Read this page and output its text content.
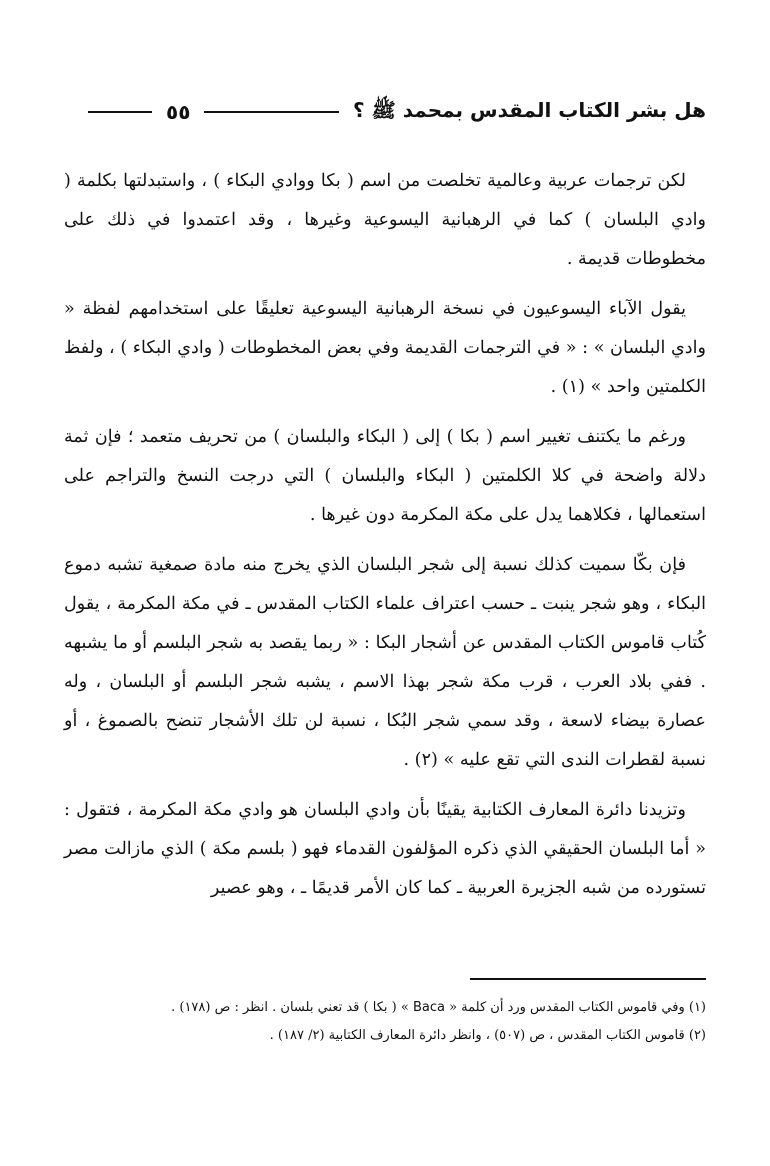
هل بشر الكتاب المقدس بمحمد ﷺ ؟
٥٥

لكن ترجمات عربية وعالمية تخلصت من اسم ( بكا ووادي البكاء ) ، واستبدلتها بكلمة ( وادي البلسان ) كما في الرهبانية اليسوعية وغيرها ، وقد اعتمدوا في ذلك على مخطوطات قديمة .

يقول الآباء اليسوعيون في نسخة الرهبانية اليسوعية تعليقًا على استخدامهم لفظة « وادي البلسان » : « في الترجمات القديمة وفي بعض المخطوطات ( وادي البكاء ) ، ولفظ الكلمتين واحد » (١) .

ورغم ما يكتنف تغيير اسم ( بكا ) إلى ( البكاء والبلسان ) من تحريف متعمد ؛ فإن ثمة دلالة واضحة في كلا الكلمتين ( البكاء والبلسان ) التي درجت النسخ والتراجم على استعمالها ، فكلاهما يدل على مكة المكرمة دون غيرها .

فإن بكّا سميت كذلك نسبة إلى شجر البلسان الذي يخرج منه مادة صمغية تشبه دموع البكاء ، وهو شجر ينبت ـ حسب اعتراف علماء الكتاب المقدس ـ في مكة المكرمة ، يقول كُتاب قاموس الكتاب المقدس عن أشجار البكا : « ربما يقصد به شجر البلسم أو ما يشبهه . ففي بلاد العرب ، قرب مكة شجر بهذا الاسم ، يشبه شجر البلسم أو البلسان ، وله عصارة بيضاء لاسعة ، وقد سمي شجر البُكا ، نسبة لن تلك الأشجار تنضح بالصموغ ، أو نسبة لقطرات الندى التي تقع عليه » (٢) .

وتزيدنا دائرة المعارف الكتابية يقينًا بأن وادي البلسان هو وادي مكة المكرمة ، فتقول : « أما البلسان الحقيقي الذي ذكره المؤلفون القدماء فهو ( بلسم مكة ) الذي مازالت مصر تستورده من شبه الجزيرة العربية ـ كما كان الأمر قديمًا ـ ، وهو عصير

(١) وفي قاموس الكتاب المقدس ورد أن كلمة « Baca » ( بكا ) قد تعني بلسان . انظر : ص (١٧٨) .
(٢) قاموس الكتاب المقدس ، ص (٥٠٧) ، وانظر دائرة المعارف الكتابية (٢/ ١٨٧) .
